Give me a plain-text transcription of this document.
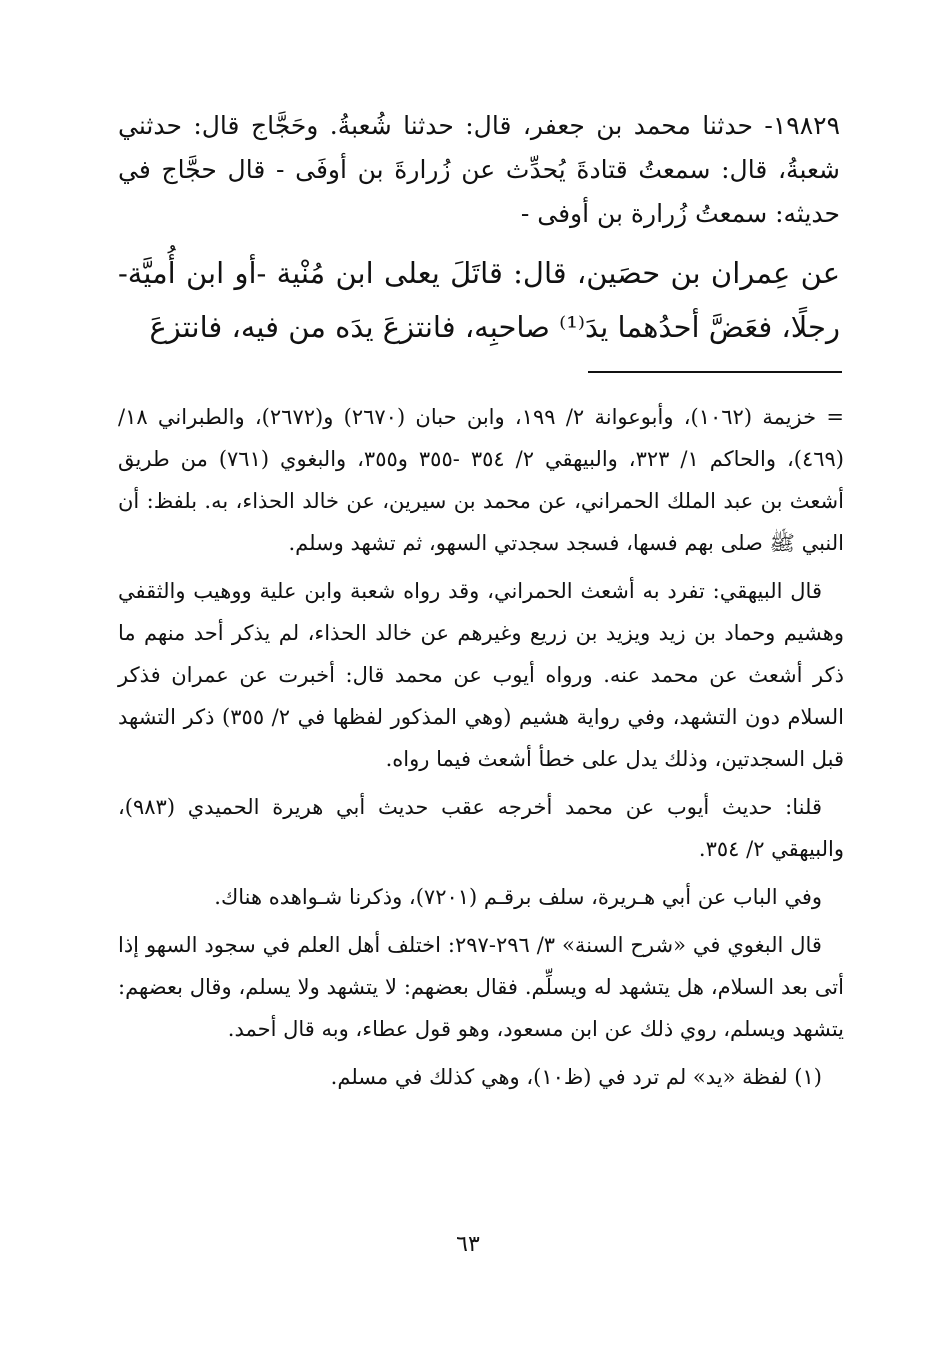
١٩٨٢٩- حدثنا محمد بن جعفر، قال: حدثنا شُعبةُ. وحَجَّاج قال: حدثني شعبةُ، قال: سمعتُ قتادةَ يُحدِّث عن زُرارةَ بن أوفَى - قال حجَّاج في حديثه: سمعتُ زُرارة بن أوفى -

عن عِمران بن حصَين، قال: قاتَلَ يعلى ابن مُنْية -أو ابن أُميَّة- رجلًا، فعَضَّ أحدُهما يدَ⁽¹⁾ صاحبِه، فانتزعَ يدَه من فيه، فانتزعَ

= خزيمة (١٠٦٢)، وأبوعوانة ٢/ ١٩٩، وابن حبان (٢٦٧٠) و(٢٦٧٢)، والطبراني ١٨/ (٤٦٩)، والحاكم ١/ ٣٢٣، والبيهقي ٢/ ٣٥٤ -٣٥٥ و٣٥٥، والبغوي (٧٦١) من طريق أشعث بن عبد الملك الحمراني، عن محمد بن سيرين، عن خالد الحذاء، به. بلفظ: أن النبي ﷺ صلى بهم فسها، فسجد سجدتي السهو، ثم تشهد وسلم.

قال البيهقي: تفرد به أشعث الحمراني، وقد رواه شعبة وابن علية ووهيب والثقفي وهشيم وحماد بن زيد ويزيد بن زريع وغيرهم عن خالد الحذاء، لم يذكر أحد منهم ما ذكر أشعث عن محمد عنه. ورواه أيوب عن محمد قال: أخبرت عن عمران فذكر السلام دون التشهد، وفي رواية هشيم (وهي المذكور لفظها في ٢/ ٣٥٥) ذكر التشهد قبل السجدتين، وذلك يدل على خطأ أشعث فيما رواه.

قلنا: حديث أيوب عن محمد أخرجه عقب حديث أبي هريرة الحميدي (٩٨٣)، والبيهقي ٢/ ٣٥٤.

وفي الباب عن أبي هـريرة، سلف برقـم (٧٢٠١)، وذكرنا شـواهده هناك.

قال البغوي في «شرح السنة» ٣/ ٢٩٦-٢٩٧: اختلف أهل العلم في سجود السهو إذا أتى بعد السلام، هل يتشهد له ويسلِّم. فقال بعضهم: لا يتشهد ولا يسلم، وقال بعضهم: يتشهد ويسلم، روي ذلك عن ابن مسعود، وهو قول عطاء، وبه قال أحمد.

(١) لفظة «يد» لم ترد في (ظ١٠)، وهي كذلك في مسلم.

٦٣
